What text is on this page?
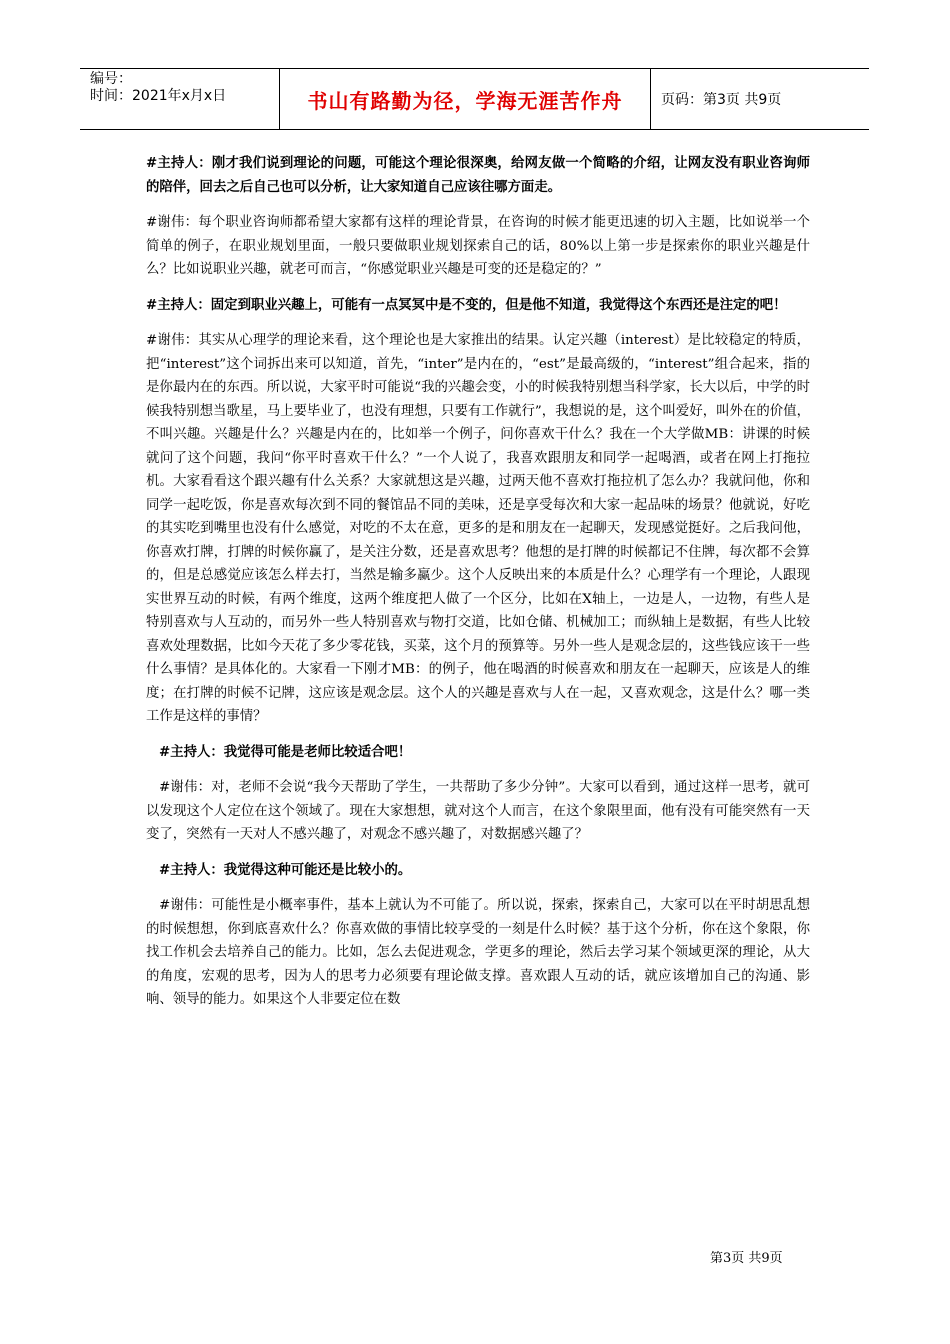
编号：
时间：2021年x月x日	书山有路勤为径，学海无涯苦作舟	页码：第3页 共9页

#主持人：刚才我们说到理论的问题，可能这个理论很深奥，给网友做一个简略的介绍，让网友没有职业咨询师的陪伴，回去之后自己也可以分析，让大家知道自己应该往哪方面走。

#谢伟：每个职业咨询师都希望大家都有这样的理论背景，在咨询的时候才能更迅速的切入主题，比如说举一个简单的例子，在职业规划里面，一般只要做职业规划探索自己的话，80%以上第一步是探索你的职业兴趣是什么？比如说职业兴趣，就老可而言，“你感觉职业兴趣是可变的还是稳定的？”

#主持人：固定到职业兴趣上，可能有一点冥冥中是不变的，但是他不知道，我觉得这个东西还是注定的吧！

#谢伟：其实从心理学的理论来看，这个理论也是大家推出的结果。认定兴趣（interest）是比较稳定的特质，把“interest”这个词拆出来可以知道，首先，“inter”是内在的，“est”是最高级的，“interest”组合起来，指的是你最内在的东西。所以说，大家平时可能说“我的兴趣会变，小的时候我特别想当科学家，长大以后，中学的时候我特别想当歌星，马上要毕业了，也没有理想，只要有工作就行”，我想说的是，这个叫爱好，叫外在的价值，不叫兴趣。兴趣是什么？兴趣是内在的，比如举一个例子，问你喜欢干什么？我在一个大学做MB：讲课的时候就问了这个问题，我问“你平时喜欢干什么？”一个人说了，我喜欢跟朋友和同学一起喝酒，或者在网上打拖拉机。大家看看这个跟兴趣有什么关系？大家就想这是兴趣，过两天他不喜欢打拖拉机了怎么办？我就问他，你和同学一起吃饭，你是喜欢每次到不同的餐馆品不同的美味，还是享受每次和大家一起品味的场景？他就说，好吃的其实吃到嘴里也没有什么感觉，对吃的不太在意，更多的是和朋友在一起聊天，发现感觉挺好。之后我问他，你喜欢打牌，打牌的时候你赢了，是关注分数，还是喜欢思考？他想的是打牌的时候都记不住牌，每次都不会算的，但是总感觉应该怎么样去打，当然是输多赢少。这个人反映出来的本质是什么？心理学有一个理论，人跟现实世界互动的时候，有两个维度，这两个维度把人做了一个区分，比如在X轴上，一边是人，一边物，有些人是特别喜欢与人互动的，而另外一些人特别喜欢与物打交道，比如仓储、机械加工；而纵轴上是数据，有些人比较喜欢处理数据，比如今天花了多少零花钱，买菜，这个月的预算等。另外一些人是观念层的，这些钱应该干一些什么事情？是具体化的。大家看一下刚才MB：的例子，他在喝酒的时候喜欢和朋友在一起聊天，应该是人的维度；在打牌的时候不记牌，这应该是观念层。这个人的兴趣是喜欢与人在一起，又喜欢观念，这是什么？哪一类工作是这样的事情？

#主持人：我觉得可能是老师比较适合吧！

#谢伟：对，老师不会说“我今天帮助了学生，一共帮助了多少分钟”。大家可以看到，通过这样一思考，就可以发现这个人定位在这个领域了。现在大家想想，就对这个人而言，在这个象限里面，他有没有可能突然有一天变了，突然有一天对人不感兴趣了，对观念不感兴趣了，对数据感兴趣了？

#主持人：我觉得这种可能还是比较小的。

#谢伟：可能性是小概率事件，基本上就认为不可能了。所以说，探索，探索自己，大家可以在平时胡思乱想的时候想想，你到底喜欢什么？你喜欢做的事情比较享受的一刻是什么时候？基于这个分析，你在这个象限，你找工作机会去培养自己的能力。比如，怎么去促进观念，学更多的理论，然后去学习某个领域更深的理论，从大的角度，宏观的思考，因为人的思考力必须要有理论做支撑。喜欢跟人互动的话，就应该增加自己的沟通、影响、领导的能力。如果这个人非要定位在数

第3页 共9页
